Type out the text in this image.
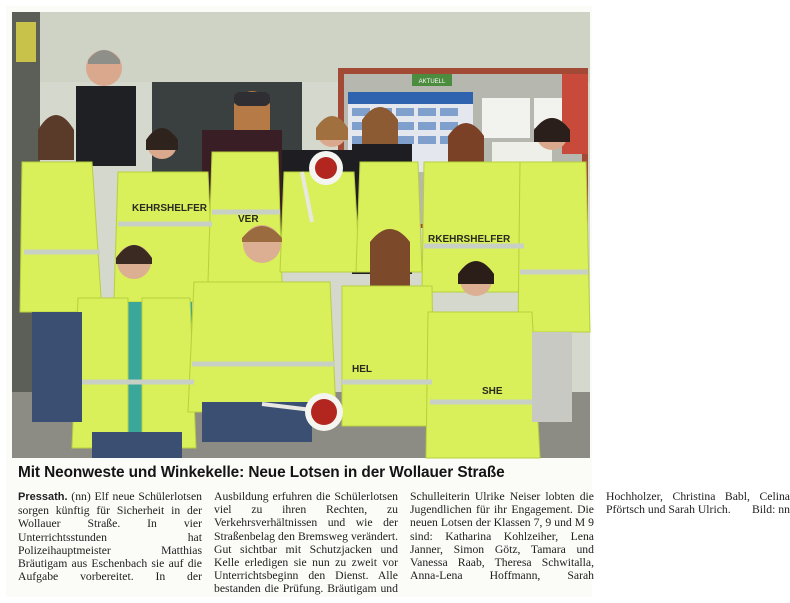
AKTUELL
KEHRSHELFER
RKEHRSHELFER
VER
SHE
HEL
Mit Neonweste und Winkekelle: Neue Lotsen in der Wollauer Straße
Pressath. (nn) Elf neue Schülerlotsen sorgen künftig für Sicherheit in der Wollauer Straße. In vier Unterrichtsstunden hat Polizeihauptmeister Matthias Bräutigam aus Eschenbach sie auf die Aufgabe vorbereitet. In der Ausbildung erfuhren die Schülerlotsen viel zu ihren Rechten, zu Verkehrsverhältnissen und wie der Straßenbelag den Bremsweg verändert. Gut sichtbar mit Schutzjacken und Kelle erledigen sie nun zu zweit vor Unterrichtsbeginn den Dienst. Alle bestanden die Prüfung. Bräutigam und Schulleiterin Ulrike Neiser lobten die Jugendlichen für ihr Engagement. Die neuen Lotsen der Klassen 7, 9 und M 9 sind: Katharina Kohlzeiher, Lena Janner, Simon Götz, Tamara und Vanessa Raab, Theresa Schwitalla, Anna-Lena Hoffmann, Sarah Hochholzer, Christina Babl, Celina Pförtsch und Sarah Ulrich. Bild: nn
